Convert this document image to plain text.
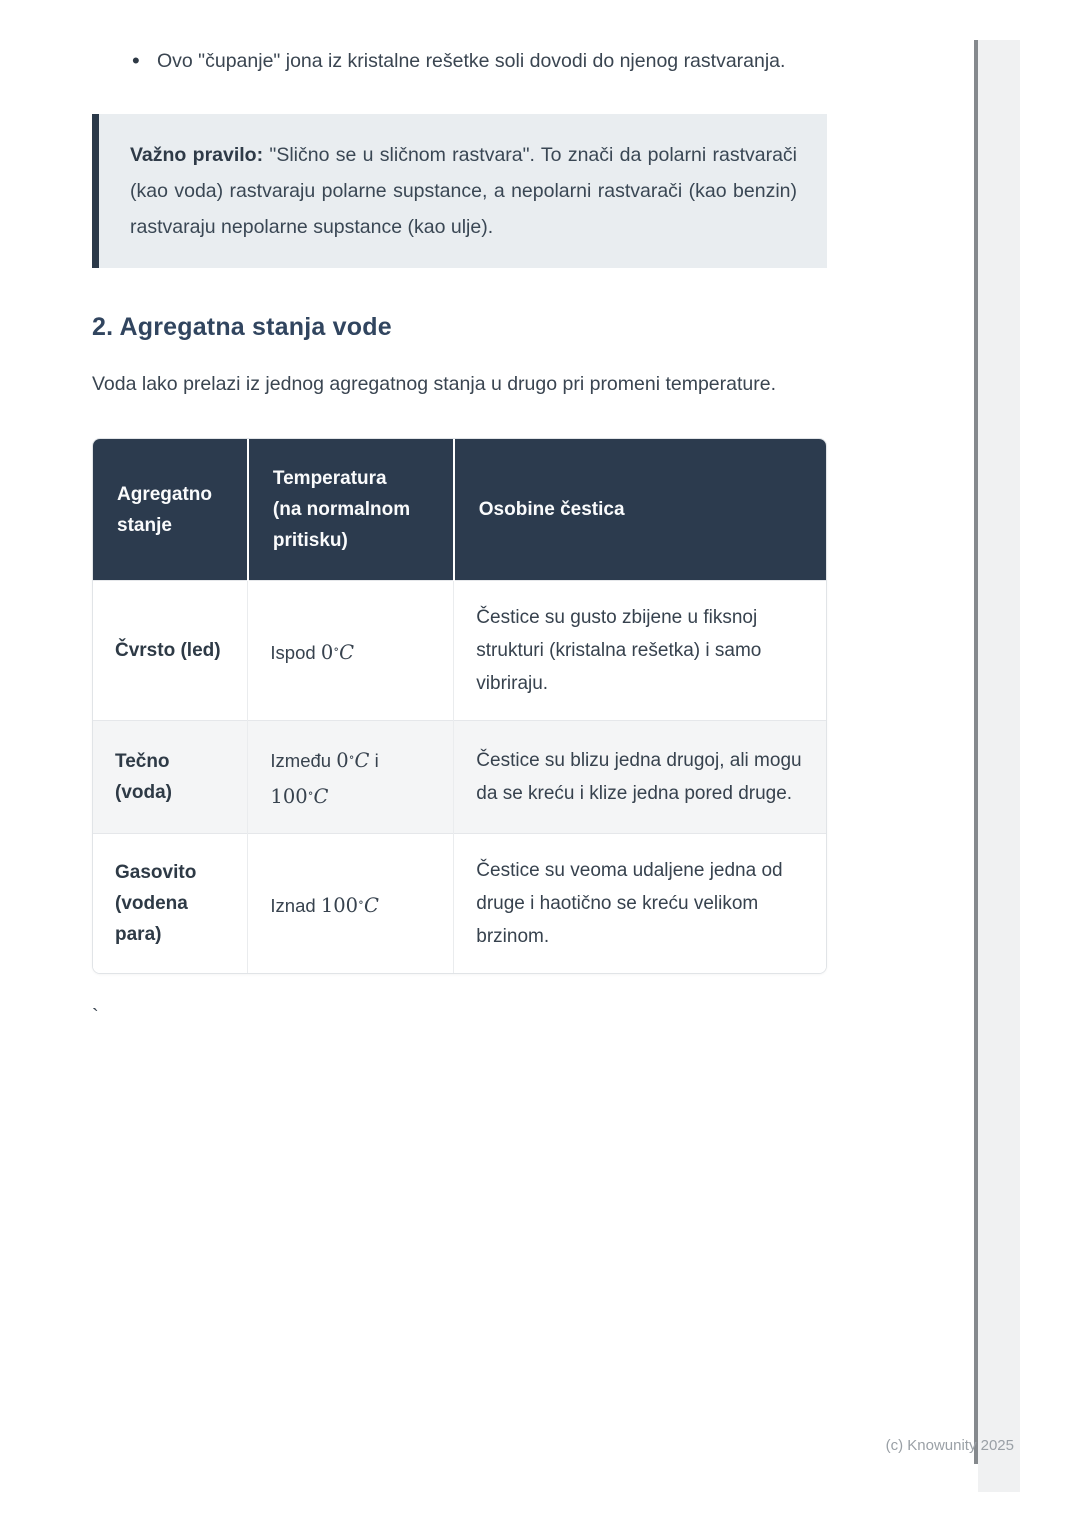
• Ovo "čupanje" jona iz kristalne rešetke soli dovodi do njenog rastvaranja.

Važno pravilo: "Slično se u sličnom rastvara". To znači da polarni rastvarači (kao voda) rastvaraju polarne supstance, a nepolarni rastvarači (kao benzin) rastvaraju nepolarne supstance (kao ulje).

2. Agregatna stanja vode

Voda lako prelazi iz jednog agregatnog stanja u drugo pri promeni temperature.

Agregatno stanje	Temperatura (na normalnom pritisku)	Osobine čestica
Čvrsto (led)	Ispod 0∘C	Čestice su gusto zbijene u fiksnoj strukturi (kristalna rešetka) i samo vibriraju.
Tečno (voda)	Između 0∘C i 100∘C	Čestice su blizu jedna drugoj, ali mogu da se kreću i klize jedna pored druge.
Gasovito (vodena para)	Iznad 100∘C	Čestice su veoma udaljene jedna od druge i haotično se kreću velikom brzinom.
`
(c) Knowunity 2025
